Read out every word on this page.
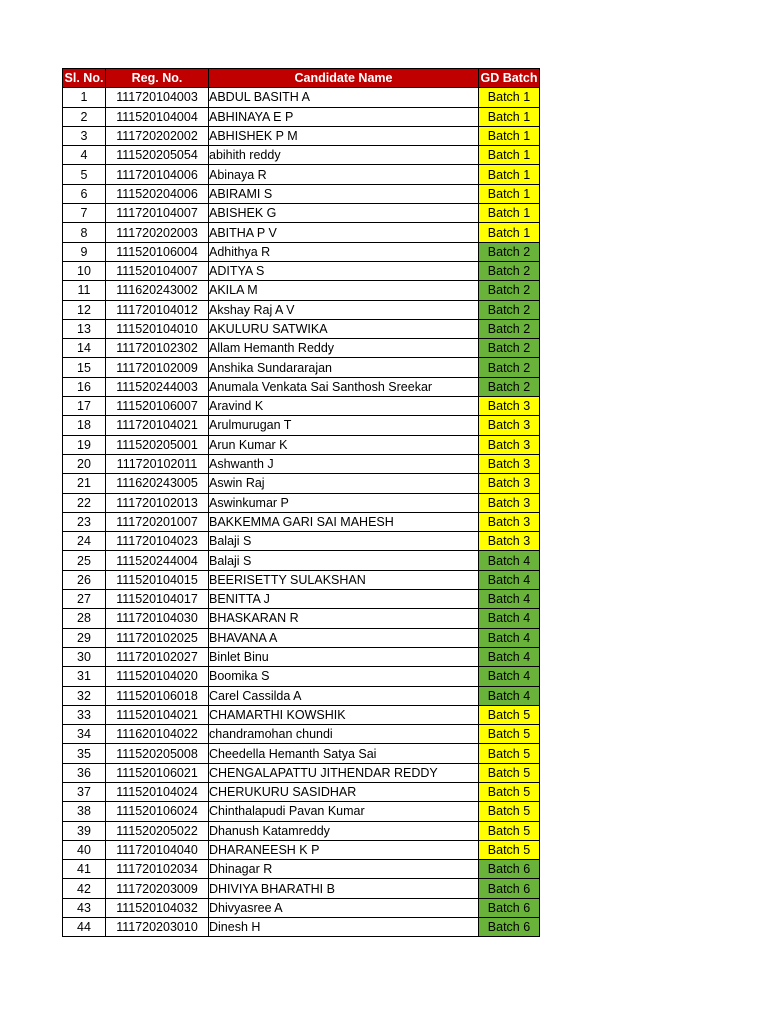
Sl. No.	Reg. No.	Candidate Name	GD Batch
1	111720104003	ABDUL BASITH A	Batch 1
2	111520104004	ABHINAYA E P	Batch 1
3	111720202002	ABHISHEK P M	Batch 1
4	111520205054	abihith reddy	Batch 1
5	111720104006	Abinaya R	Batch 1
6	111520204006	ABIRAMI S	Batch 1
7	111720104007	ABISHEK G	Batch 1
8	111720202003	ABITHA P V	Batch 1
9	111520106004	Adhithya R	Batch 2
10	111520104007	ADITYA S	Batch 2
11	111620243002	AKILA M	Batch 2
12	111720104012	Akshay Raj A V	Batch 2
13	111520104010	AKULURU SATWIKA	Batch 2
14	111720102302	Allam Hemanth Reddy	Batch 2
15	111720102009	Anshika Sundararajan	Batch 2
16	111520244003	Anumala Venkata Sai Santhosh Sreekar	Batch 2
17	111520106007	Aravind K	Batch 3
18	111720104021	Arulmurugan T	Batch 3
19	111520205001	Arun Kumar K	Batch 3
20	111720102011	Ashwanth J	Batch 3
21	111620243005	Aswin Raj	Batch 3
22	111720102013	Aswinkumar P	Batch 3
23	111720201007	BAKKEMMA GARI SAI MAHESH	Batch 3
24	111720104023	Balaji S	Batch 3
25	111520244004	Balaji S	Batch 4
26	111520104015	BEERISETTY SULAKSHAN	Batch 4
27	111520104017	BENITTA J	Batch 4
28	111720104030	BHASKARAN R	Batch 4
29	111720102025	BHAVANA A	Batch 4
30	111720102027	Binlet Binu	Batch 4
31	111520104020	Boomika S	Batch 4
32	111520106018	Carel Cassilda A	Batch 4
33	111520104021	CHAMARTHI KOWSHIK	Batch 5
34	111620104022	chandramohan chundi	Batch 5
35	111520205008	Cheedella Hemanth Satya Sai	Batch 5
36	111520106021	CHENGALAPATTU JITHENDAR REDDY	Batch 5
37	111520104024	CHERUKURU SASIDHAR	Batch 5
38	111520106024	Chinthalapudi Pavan Kumar	Batch 5
39	111520205022	Dhanush Katamreddy	Batch 5
40	111720104040	DHARANEESH K P	Batch 5
41	111720102034	Dhinagar R	Batch 6
42	111720203009	DHIVIYA BHARATHI B	Batch 6
43	111520104032	Dhivyasree A	Batch 6
44	111720203010	Dinesh H	Batch 6
